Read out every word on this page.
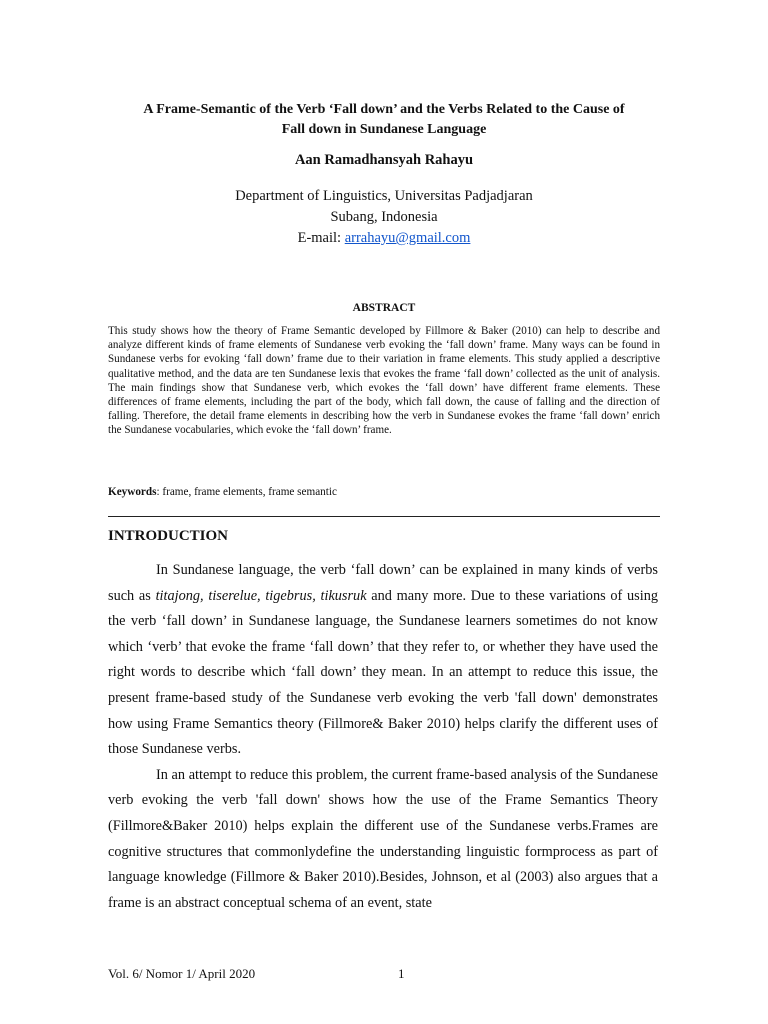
A Frame-Semantic of the Verb ‘Fall down’ and the Verbs Related to the Cause of
Fall down in Sundanese Language
Aan Ramadhansyah Rahayu
Department of Linguistics, Universitas Padjadjaran
Subang, Indonesia
E-mail: arrahayu@gmail.com
ABSTRACT
This study shows how the theory of Frame Semantic developed by Fillmore & Baker (2010) can help to describe and analyze different kinds of frame elements of Sundanese verb evoking the ‘fall down’ frame. Many ways can be found in Sundanese verbs for evoking ‘fall down’ frame due to their variation in frame elements. This study applied a descriptive qualitative method, and the data are ten Sundanese lexis that evokes the frame ‘fall down’ collected as the unit of analysis. The main findings show that Sundanese verb, which evokes the ‘fall down’ have different frame elements. These differences of frame elements, including the part of the body, which fall down, the cause of falling and the direction of falling. Therefore, the detail frame elements in describing how the verb in Sundanese evokes the frame ‘fall down’ enrich the Sundanese vocabularies, which evoke the ‘fall down’ frame.
Keywords: frame, frame elements, frame semantic
INTRODUCTION

In Sundanese language, the verb ‘fall down’ can be explained in many kinds of verbs such as titajong, tiserelue, tigebrus, tikusruk and many more. Due to these variations of using the verb ‘fall down’ in Sundanese language, the Sundanese learners sometimes do not know which ‘verb’ that evoke the frame ‘fall down’ that they refer to, or whether they have used the right words to describe which ‘fall down’ they mean. In an attempt to reduce this issue, the present frame-based study of the Sundanese verb evoking the verb 'fall down' demonstrates how using Frame Semantics theory (Fillmore& Baker 2010) helps clarify the different uses of those Sundanese verbs.

In an attempt to reduce this problem, the current frame-based analysis of the Sundanese verb evoking the verb 'fall down' shows how the use of the Frame Semantics Theory (Fillmore&Baker 2010) helps explain the different use of the Sundanese verbs.Frames are cognitive structures that commonlydefine the understanding linguistic formprocess as part of language knowledge (Fillmore & Baker 2010).Besides, Johnson, et al (2003) also argues that a frame is an abstract conceptual schema of an event, state

Vol. 6/ Nomor 1/ April 2020	1
